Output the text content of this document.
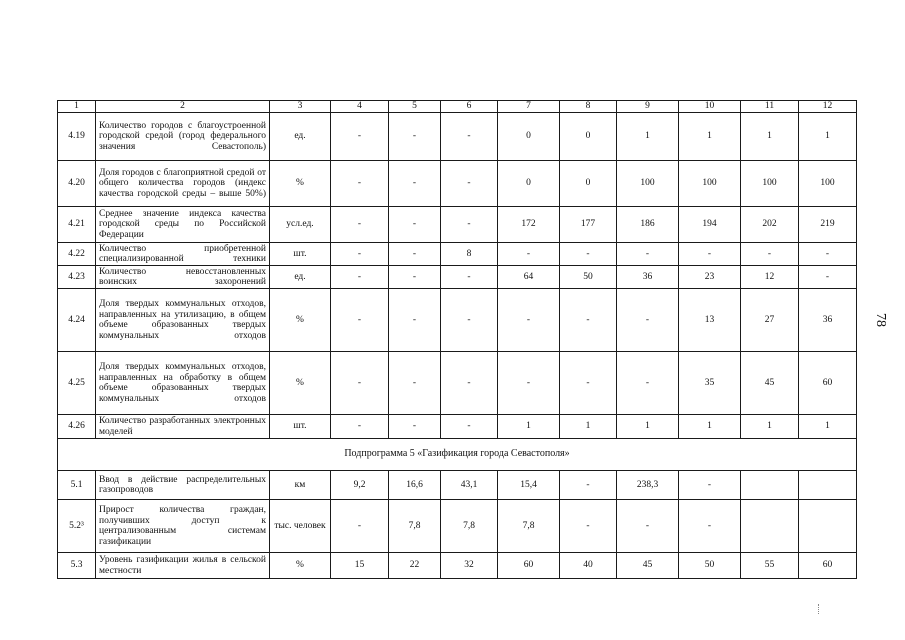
1	2	3	4	5	6	7	8	9	10	11	12
4.19	Количество городов с благоустроенной городской средой (город федерального значения Севастополь)	ед.	-	-	-	0	0	1	1	1	1
4.20	Доля городов с благоприятной средой от общего количества городов (индекс качества городской среды – выше 50%)	%	-	-	-	0	0	100	100	100	100
4.21	Среднее значение индекса качества городской среды по Российской Федерации	усл.ед.	-	-	-	172	177	186	194	202	219
4.22	Количество приобретенной специализированной техники	шт.	-	-	8	-	-	-	-	-	-
4.23	Количество невосстановленных воинских захоронений	ед.	-	-	-	64	50	36	23	12	-
4.24	Доля твердых коммунальных отходов, направленных на утилизацию, в общем объеме образованных твердых коммунальных отходов	%	-	-	-	-	-	-	13	27	36
4.25	Доля твердых коммунальных отходов, направленных на обработку в общем объеме образованных твердых коммунальных отходов	%	-	-	-	-	-	-	35	45	60
4.26	Количество разработанных электронных моделей	шт.	-	-	-	1	1	1	1	1	1
Подпрограмма 5 «Газификация города Севастополя»											
5.1	Ввод в действие распределительных газопроводов	км	9,2	16,6	43,1	15,4	-	238,3	-		
5.2³	Прирост количества граждан, получивших доступ к централизованным системам газификации	тыс. человек	-	7,8	7,8	7,8	-	-	-		
5.3	Уровень газификации жилья в сельской местности	%	15	22	32	60	40	45	50	55	60
78
